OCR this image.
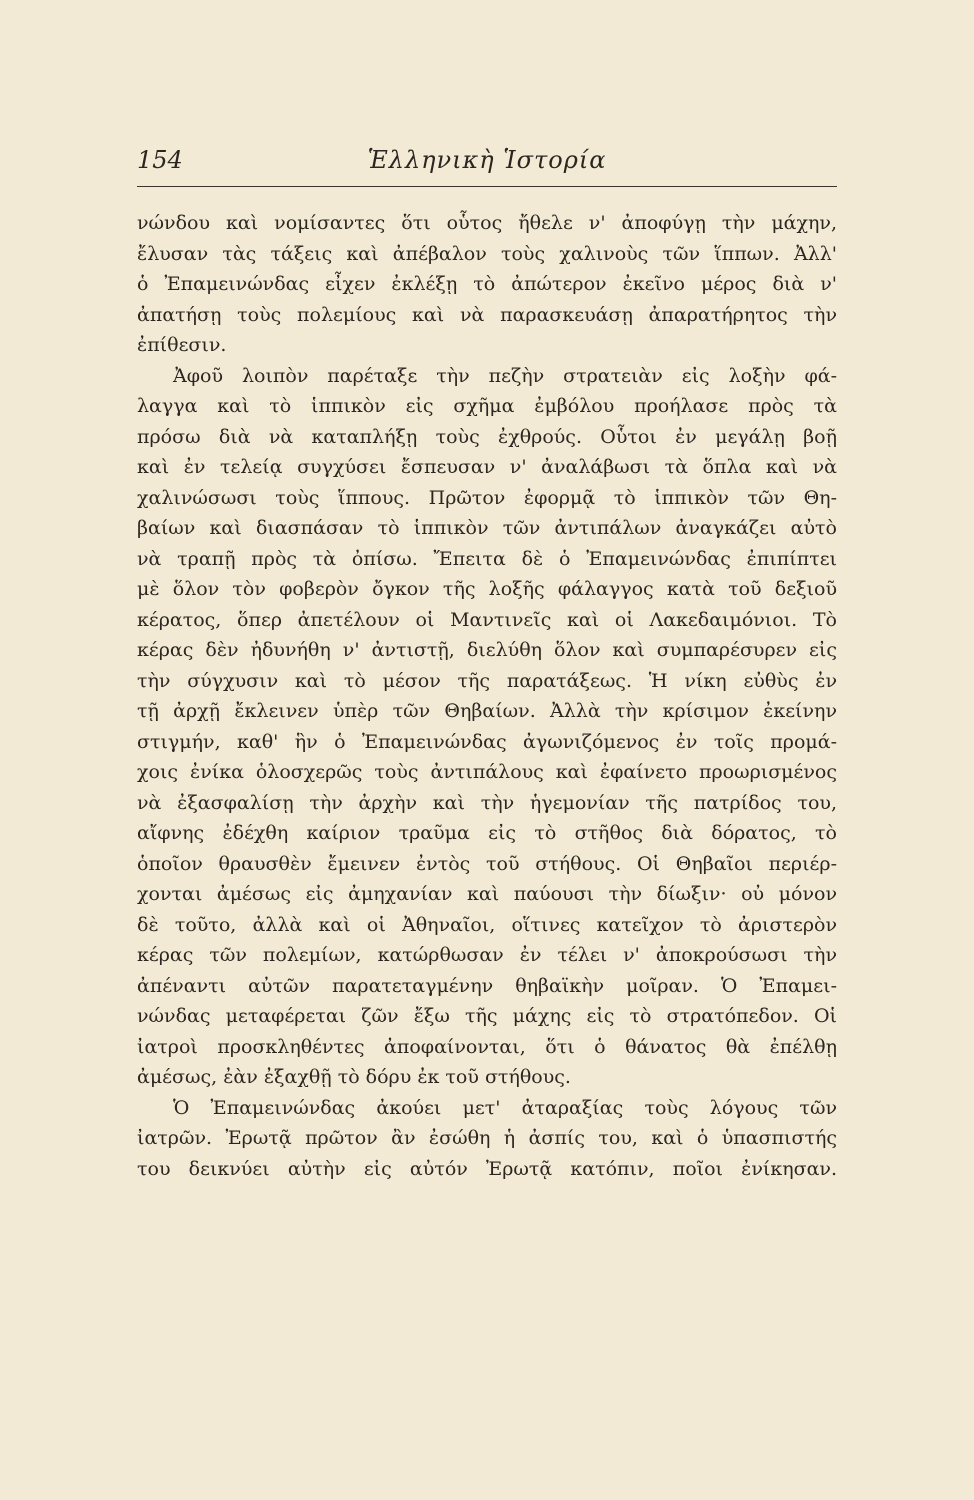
154	Ἑλληνικὴ Ἱστορία
νώνδου καὶ νομίσαντες ὅτι οὗτος ἤθελε ν' ἀποφύγῃ τὴν μάχην,
ἔλυσαν τὰς τάξεις καὶ ἀπέβαλον τοὺς χαλινοὺς τῶν ἵππων. Ἀλλ'
ὁ Ἐπαμεινώνδας εἶχεν ἐκλέξῃ τὸ ἀπώτερον ἐκεῖνο μέρος διὰ ν'
ἀπατήσῃ τοὺς πολεμίους καὶ νὰ παρασκευάσῃ ἀπαρατήρητος τὴν
ἐπίθεσιν.
Ἀφοῦ λοιπὸν παρέταξε τὴν πεζὴν στρατειὰν εἰς λοξὴν φά-
λαγγα καὶ τὸ ἱππικὸν εἰς σχῆμα ἐμβόλου προήλασε πρὸς τὰ
πρόσω διὰ νὰ καταπλήξῃ τοὺς ἐχθρούς. Οὗτοι ἐν μεγάλῃ βοῇ
καὶ ἐν τελείᾳ συγχύσει ἔσπευσαν ν' ἀναλάβωσι τὰ ὅπλα καὶ νὰ
χαλινώσωσι τοὺς ἵππους. Πρῶτον ἐφορμᾷ τὸ ἱππικὸν τῶν Θη-
βαίων καὶ διασπάσαν τὸ ἱππικὸν τῶν ἀντιπάλων ἀναγκάζει αὐτὸ
νὰ τραπῇ πρὸς τὰ ὀπίσω. Ἔπειτα δὲ ὁ Ἐπαμεινώνδας ἐπιπίπτει
μὲ ὅλον τὸν φοβερὸν ὄγκον τῆς λοξῆς φάλαγγος κατὰ τοῦ δεξιοῦ
κέρατος, ὅπερ ἀπετέλουν οἱ Μαντινεῖς καὶ οἱ Λακεδαιμόνιοι. Τὸ
κέρας δὲν ἠδυνήθη ν' ἀντιστῇ, διελύθη ὅλον καὶ συμπαρέσυρεν εἰς
τὴν σύγχυσιν καὶ τὸ μέσον τῆς παρατάξεως. Ἡ νίκη εὐθὺς ἐν
τῇ ἀρχῇ ἔκλεινεν ὑπὲρ τῶν Θηβαίων. Ἀλλὰ τὴν κρίσιμον ἐκείνην
στιγμήν, καθ' ἣν ὁ Ἐπαμεινώνδας ἀγωνιζόμενος ἐν τοῖς προμά-
χοις ἐνίκα ὁλοσχερῶς τοὺς ἀντιπάλους καὶ ἐφαίνετο προωρισμένος
νὰ ἐξασφαλίσῃ τὴν ἀρχὴν καὶ τὴν ἡγεμονίαν τῆς πατρίδος του,
αἴφνης ἐδέχθη καίριον τραῦμα εἰς τὸ στῆθος διὰ δόρατος, τὸ
ὁποῖον θραυσθὲν ἔμεινεν ἐντὸς τοῦ στήθους. Οἱ Θηβαῖοι περιέρ-
χονται ἀμέσως εἰς ἀμηχανίαν καὶ παύουσι τὴν δίωξιν· οὐ μόνον
δὲ τοῦτο, ἀλλὰ καὶ οἱ Ἀθηναῖοι, οἵτινες κατεῖχον τὸ ἀριστερὸν
κέρας τῶν πολεμίων, κατώρθωσαν ἐν τέλει ν' ἀποκρούσωσι τὴν
ἀπέναντι αὐτῶν παρατεταγμένην θηβαϊκὴν μοῖραν. Ὁ Ἐπαμει-
νώνδας μεταφέρεται ζῶν ἔξω τῆς μάχης εἰς τὸ στρατόπεδον. Οἱ
ἰατροὶ προσκληθέντες ἀποφαίνονται, ὅτι ὁ θάνατος θὰ ἐπέλθῃ
ἀμέσως, ἐὰν ἐξαχθῇ τὸ δόρυ ἐκ τοῦ στήθους.
Ὁ Ἐπαμεινώνδας ἀκούει μετ' ἀταραξίας τοὺς λόγους τῶν
ἰατρῶν. Ἐρωτᾷ πρῶτον ἂν ἐσώθη ἡ ἀσπίς του, καὶ ὁ ὑπασπιστής
του δεικνύει αὐτὴν εἰς αὐτόν Ἐρωτᾷ κατόπιν, ποῖοι ἐνίκησαν.
